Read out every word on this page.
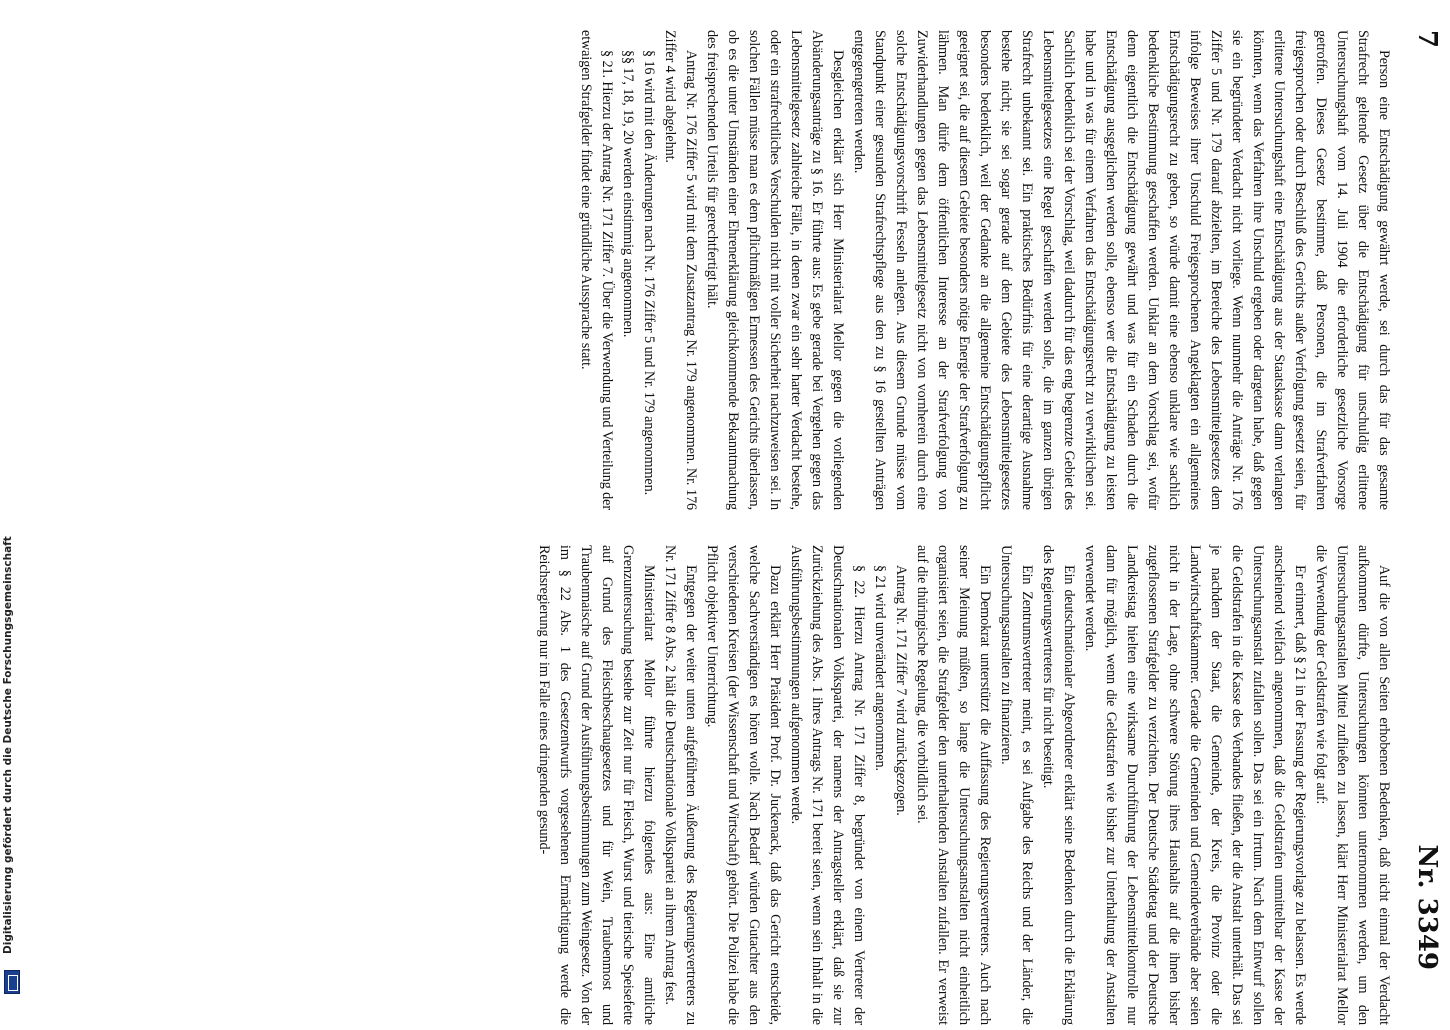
7
Nr. 3349

Person eine Entschädigung gewährt werde, sei durch das für das gesamte Strafrecht geltende Gesetz über die Entschädigung für unschuldig erlittene Untersuchungshaft vom 14. Juli 1904 die erforderliche gesetzliche Vorsorge getroffen. Dieses Gesetz bestimme, daß Personen, die im Strafverfahren freigesprochen oder durch Beschluß des Gerichts außer Verfolgung gesetzt seien, für erlittene Untersuchungshaft eine Entschädigung aus der Staatskasse dann verlangen könnten, wenn das Verfahren ihre Unschuld ergeben oder dargetan habe, daß gegen sie ein begründeter Verdacht nicht vorliege. Wenn nunmehr die Anträge Nr. 176 Ziffer 5 und Nr. 179 darauf abzielten, im Bereiche des Lebensmittelgesetzes dem infolge Beweises ihrer Unschuld Freigesprochenen Angeklagten ein allgemeines Entschädigungsrecht zu geben, so würde damit eine ebenso unklare wie sachlich bedenkliche Bestimmung geschaffen werden. Unklar an dem Vorschlag sei, wofür denn eigentlich die Entschädigung gewährt und was für ein Schaden durch die Entschädigung ausgeglichen werden solle, ebenso wer die Entschädigung zu leisten habe und in was für einem Verfahren das Entschädigungsrecht zu verwirklichen sei. Sachlich bedenklich sei der Vorschlag, weil dadurch für das eng begrenzte Gebiet des Lebensmittelgesetzes eine Regel geschaffen werden solle, die im ganzen übrigen Strafrecht unbekannt sei. Ein praktisches Bedürfnis für eine derartige Ausnahme bestehe nicht; sie sei sogar gerade auf dem Gebiete des Lebensmittelgesetzes besonders bedenklich, weil der Gedanke an die allgemeine Entschädigungspflicht geeignet sei, die auf diesem Gebiete besonders nötige Energie der Strafverfolgung zu lähmen. Man dürfe dem öffentlichen Interesse an der Strafverfolgung von Zuwiderhandlungen gegen das Lebensmittelgesetz nicht von vornherein durch eine solche Entschädigungsvorschrift Fesseln anlegen. Aus diesem Grunde müsse vom Standpunkt einer gesunden Strafrechtspflege aus den zu § 16 gestellten Anträgen entgegengetreten werden.

Desgleichen erklärt sich Herr Ministerialrat Mellor gegen die vorliegenden Abänderungsanträge zu § 16. Er führte aus: Es gebe gerade bei Vergehen gegen das Lebensmittelgesetz zahlreiche Fälle, in denen zwar ein sehr harter Verdacht bestehe, oder ein strafrechtliches Verschulden nicht mit voller Sicherheit nachzuweisen sei. In solchen Fällen müsse man es dem pflichtmäßigen Ermessen des Gerichts überlassen, ob es die unter Umständen einer Ehrenerklärung gleichkommende Bekanntmachung des freisprechenden Urteils für gerechtfertigt hält.

Antrag Nr. 176 Ziffer 5 wird mit dem Zusatzantrag Nr. 179 angenommen. Nr. 176 Ziffer 4 wird abgelehnt.

§ 16 wird mit den Änderungen nach Nr. 176 Ziffer 5 und Nr. 179 angenommen.

§§ 17, 18, 19, 20 werden einstimmig angenommen.

§ 21. Hierzu der Antrag Nr. 171 Ziffer 7. Über die Verwendung und Verteilung der etwaigen Strafgelder findet eine gründliche Aussprache statt.

Auf die von allen Seiten erhobenen Bedenken, daß nicht einmal der Verdacht aufkommen dürfte, Untersuchungen könnten unternommen werden, um den Untersuchungsanstalten Mittel zufließen zu lassen, klärt Herr Ministerialrat Mellor die Verwendung der Geldstrafen wie folgt auf:

Er erinnert, daß § 21 in der Fassung der Regierungsvorlage zu belassen. Es werde anscheinend vielfach angenommen, daß die Geldstrafen unmittelbar der Kasse der Untersuchungsanstalt zufallen sollen. Das sei ein Irrtum. Nach dem Entwurf sollen die Geldstrafen in die Kasse des Verbandes fließen, der die Anstalt unterhält. Das sei je nachdem der Staat, die Gemeinde, der Kreis, die Provinz oder die Landwirtschaftskammer. Gerade die Gemeinden und Gemeindeverbände aber seien nicht in der Lage, ohne schwere Störung ihres Haushalts auf die ihnen bisher zugeflossenen Strafgelder zu verzichten. Der Deutsche Städtetag und der Deutsche Landkreistag hielten eine wirksame Durchführung der Lebensmittelkontrolle nur dann für möglich, wenn die Geldstrafen wie bisher zur Unterhaltung der Anstalten verwendet werden.

Ein deutschnationaler Abgeordneter erklärt seine Bedenken durch die Erklärung des Regierungsvertreters für nicht beseitigt.

Ein Zentrumsvertreter meint, es sei Aufgabe des Reichs und der Länder, die Untersuchungsanstalten zu finanzieren.

Ein Demokrat unterstützt die Auffassung des Regierungsvertreters. Auch nach seiner Meinung müßten, so lange die Untersuchungsanstalten nicht einheitlich organisiert seien, die Strafgelder den unterhaltenden Anstalten zufallen. Er verweist auf die thüringische Regelung, die vorbildlich sei.

Antrag Nr. 171 Ziffer 7 wird zurückgezogen.

§ 21 wird unverändert angenommen.

§ 22. Hierzu Antrag Nr. 171 Ziffer 8, begründet von einem Vertreter der Deutschnationalen Volkspartei, der namens der Antragsteller erklärt, daß sie zur Zurückziehung des Abs. 1 ihres Antrags Nr. 171 bereit seien, wenn sein Inhalt in die Ausführungsbestimmungen aufgenommen werde.

Dazu erklärt Herr Präsident Prof. Dr. Juckenack, daß das Gericht entscheide, welche Sachverständigen es hören wolle. Nach Bedarf würden Gutachter aus den verschiedenen Kreisen (der Wissenschaft und Wirtschaft) gehört. Die Polizei habe die Pflicht objektiver Unterrichtung.

Entgegen der weiter unten aufgeführten Äußerung des Regierungsvertreters zu Nr. 171 Ziffer 8 Abs. 2 hält die Deutschnationale Volkspartei an ihrem Antrag fest.

Ministerialrat Mellor führte hierzu folgendes aus: Eine amtliche Grenzuntersuchung bestehe zur Zeit nur für Fleisch, Wurst und tierische Speisefette auf Grund des Fleischbeschaugesetzes und für Wein, Traubenmost und Traubenmaische auf Grund der Ausführungsbestimmungen zum Weingesetz. Von der im § 22 Abs. 1 des Gesetzentwurfs vorgesehenen Ermächtigung werde die Reichsregierung nur im Falle eines dringenden gesund-

Digitalisierung gefördert durch die Deutsche Forschungsgemeinschaft
